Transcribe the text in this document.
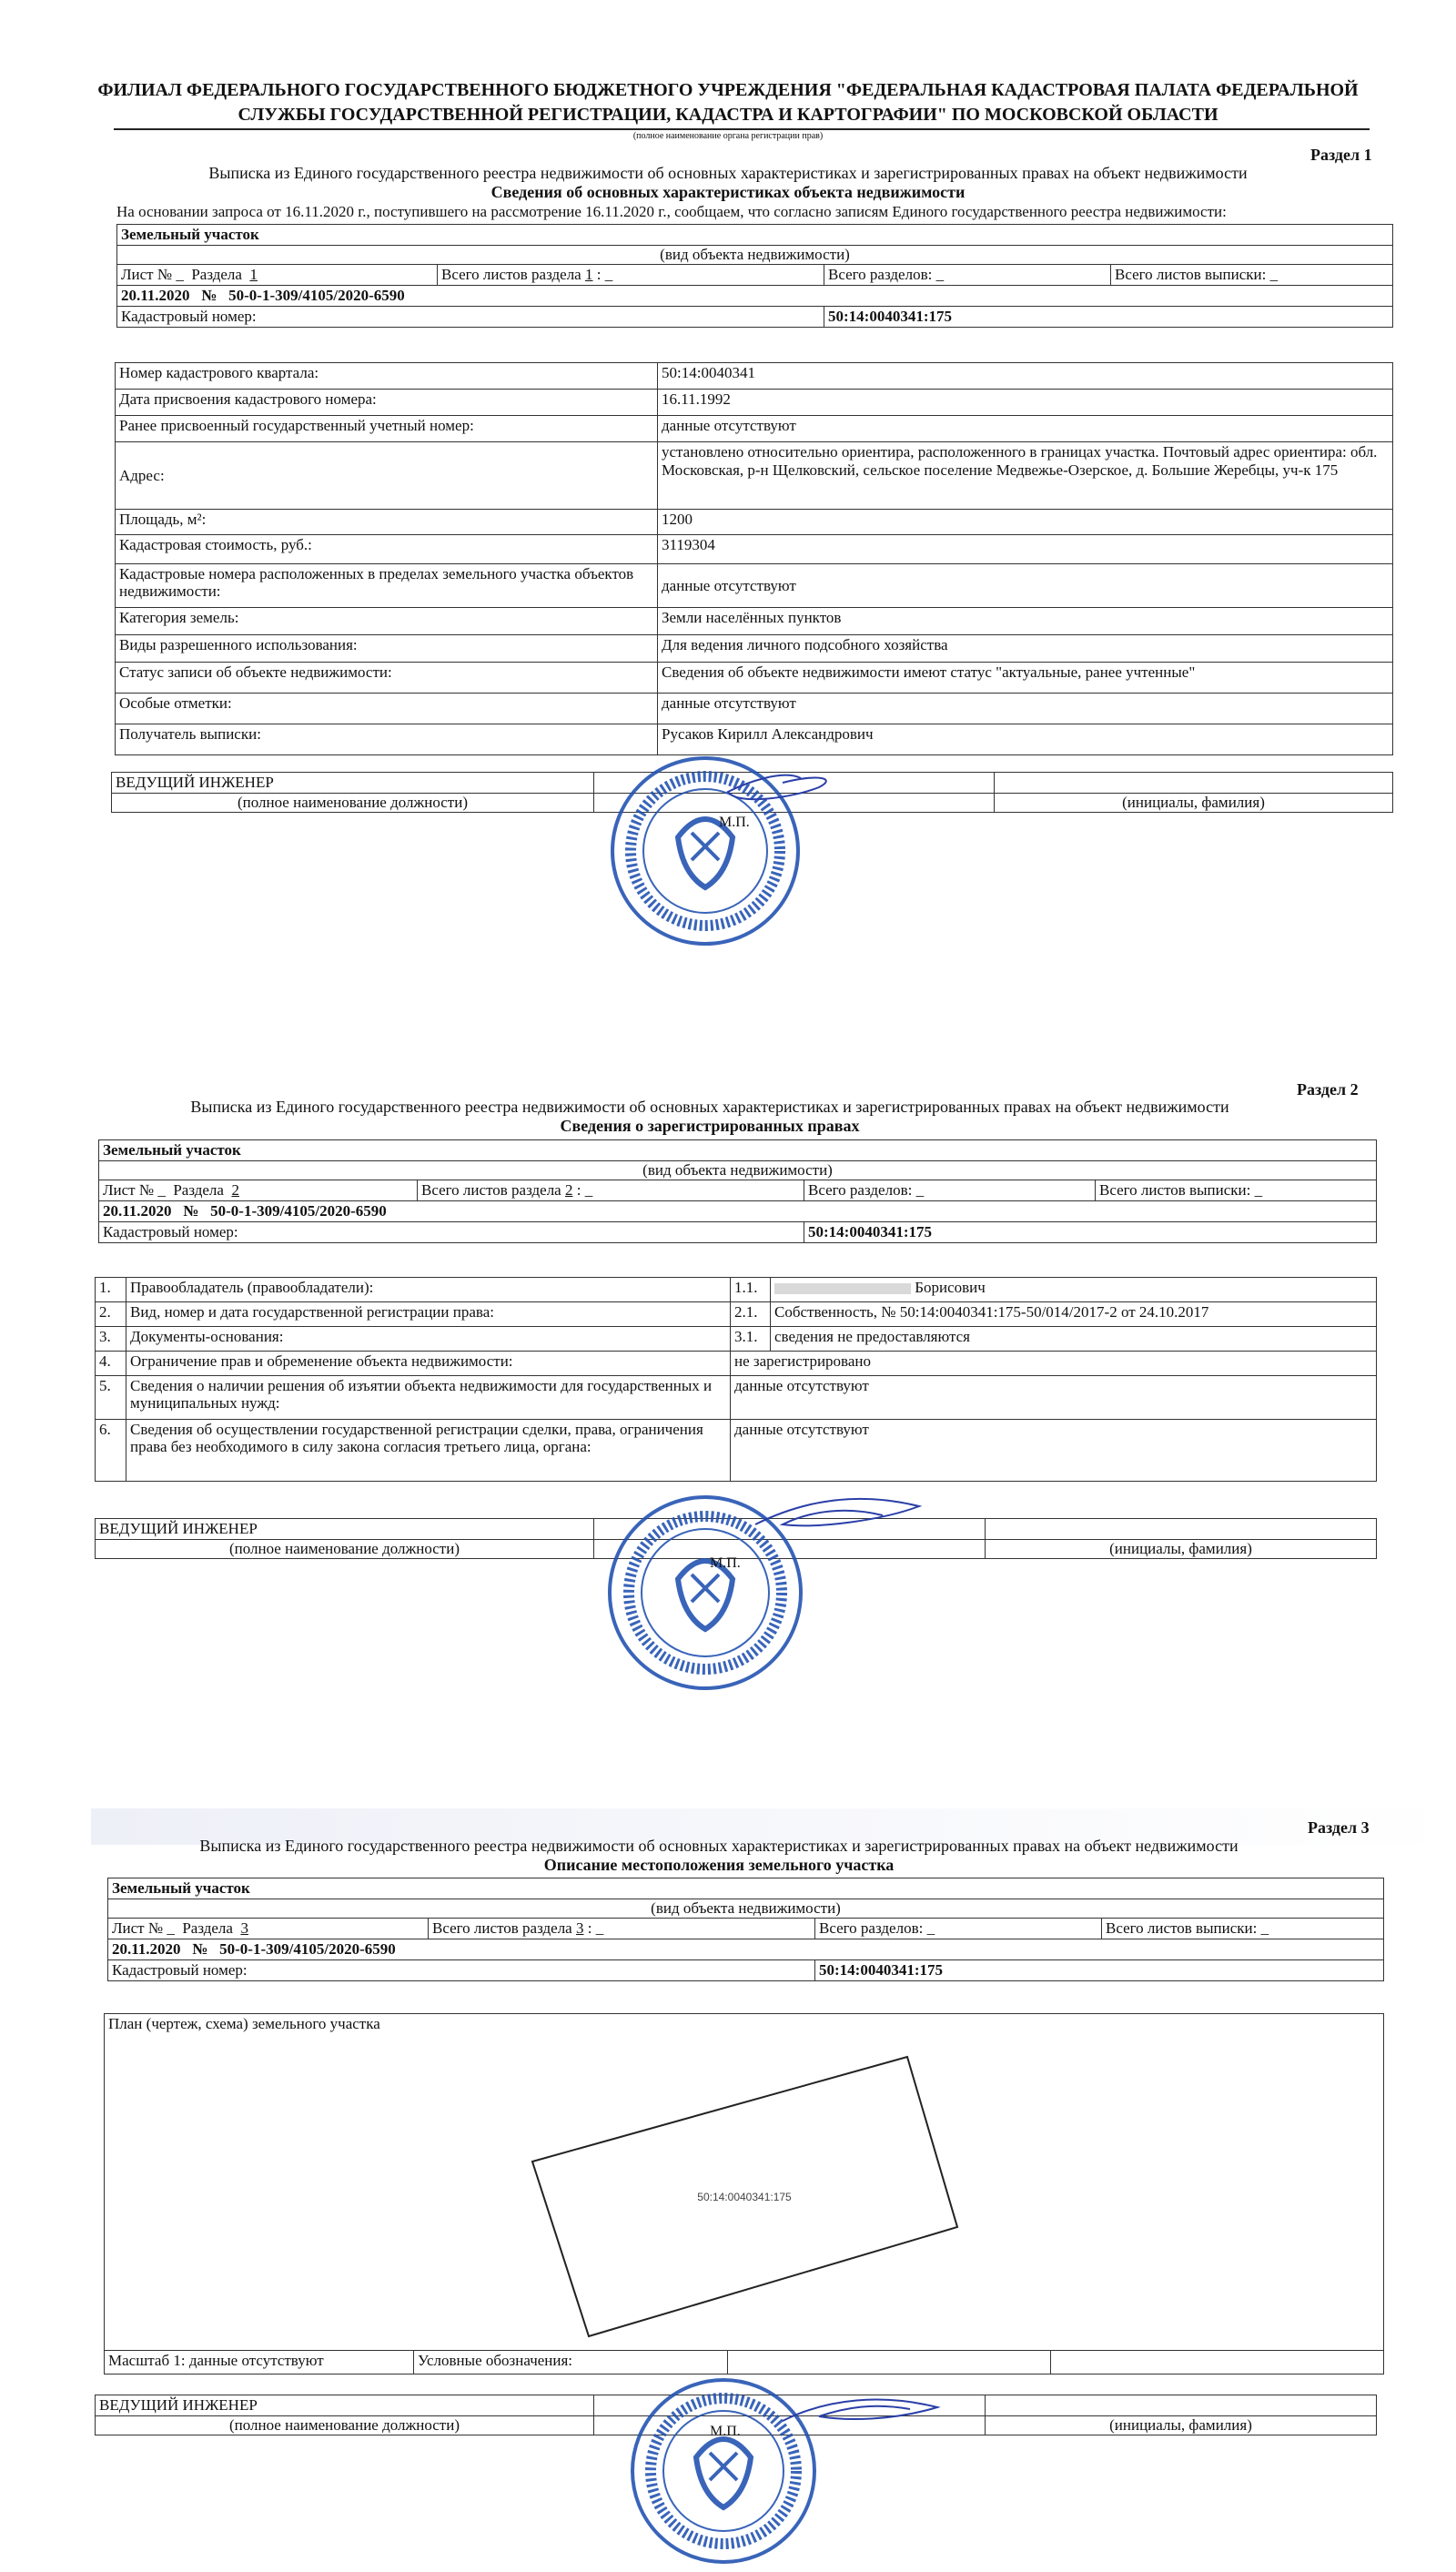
ФИЛИАЛ ФЕДЕРАЛЬНОГО ГОСУДАРСТВЕННОГО БЮДЖЕТНОГО УЧРЕЖДЕНИЯ "ФЕДЕРАЛЬНАЯ КАДАСТРОВАЯ ПАЛАТА ФЕДЕРАЛЬНОЙ
СЛУЖБЫ ГОСУДАРСТВЕННОЙ РЕГИСТРАЦИИ, КАДАСТРА И КАРТОГРАФИИ" ПО МОСКОВСКОЙ ОБЛАСТИ
(полное наименование органа регистрации прав)
Раздел 1
Выписка из Единого государственного реестра недвижимости об основных характеристиках и зарегистрированных правах на объект недвижимости
Сведения об основных характеристиках объекта недвижимости
На основании запроса от 16.11.2020 г., поступившего на рассмотрение 16.11.2020 г., сообщаем, что согласно записям Единого государственного реестра недвижимости:
Земельный участок			
(вид объекта недвижимости)			
Лист № _ Раздела 1	Всего листов раздела 1 : _	Всего разделов: _	Всего листов выписки: _
20.11.2020   №   50-0-1-309/4105/2020-6590			
Кадастровый номер:		50:14:0040341:175	
Номер кадастрового квартала:	50:14:0040341
Дата присвоения кадастрового номера:	16.11.1992
Ранее присвоенный государственный учетный номер:	данные отсутствуют
Адрес:	установлено относительно ориентира, расположенного в границах участка. Почтовый адрес ориентира: обл. Московская, р-н Щелковский, сельское поселение Медвежье-Озерское, д. Большие Жеребцы, уч-к 175
Площадь, м²:	1200
Кадастровая стоимость, руб.:	3119304
Кадастровые номера расположенных в пределах земельного участка объектов недвижимости:	данные отсутствуют
Категория земель:	Земли населённых пунктов
Виды разрешенного использования:	Для ведения личного подсобного хозяйства
Статус записи об объекте недвижимости:	Сведения об объекте недвижимости имеют статус "актуальные, ранее учтенные"
Особые отметки:	данные отсутствуют
Получатель выписки:	Русаков Кирилл Александрович
ВЕДУЩИЙ ИНЖЕНЕР		
(полное наименование должности)		(инициалы, фамилия)
Раздел 2
Выписка из Единого государственного реестра недвижимости об основных характеристиках и зарегистрированных правах на объект недвижимости
Сведения о зарегистрированных правах
Земельный участок			
(вид объекта недвижимости)			
Лист № _ Раздела 2	Всего листов раздела 2 : _	Всего разделов: _	Всего листов выписки: _
20.11.2020   №   50-0-1-309/4105/2020-6590			
Кадастровый номер:		50:14:0040341:175	
1.	Правообладатель (правообладатели):	1.1.	Борисович
2.	Вид, номер и дата государственной регистрации права:	2.1.	Собственность, № 50:14:0040341:175-50/014/2017-2 от 24.10.2017
3.	Документы-основания:	3.1.	сведения не предоставляются
4.	Ограничение прав и обременение объекта недвижимости:	не зарегистрировано	
5.	Сведения о наличии решения об изъятии объекта недвижимости для государственных и муниципальных нужд:	данные отсутствуют	
6.	Сведения об осуществлении государственной регистрации сделки, права, ограничения права без необходимого в силу закона согласия третьего лица, органа:	данные отсутствуют	
ВЕДУЩИЙ ИНЖЕНЕР		
(полное наименование должности)		(инициалы, фамилия)
Раздел 3
Выписка из Единого государственного реестра недвижимости об основных характеристиках и зарегистрированных правах на объект недвижимости
Описание местоположения земельного участка
Земельный участок			
(вид объекта недвижимости)			
Лист № _ Раздела 3	Всего листов раздела 3 : _	Всего разделов: _	Всего листов выписки: _
20.11.2020   №   50-0-1-309/4105/2020-6590			
Кадастровый номер:		50:14:0040341:175	
План (чертеж, схема) земельного участка

Масштаб 1: данные отсутствуют	Условные обозначения:		
50:14:0040341:175
ВЕДУЩИЙ ИНЖЕНЕР		
(полное наименование должности)		(инициалы, фамилия)
М.П.
М.П.
М.П.
